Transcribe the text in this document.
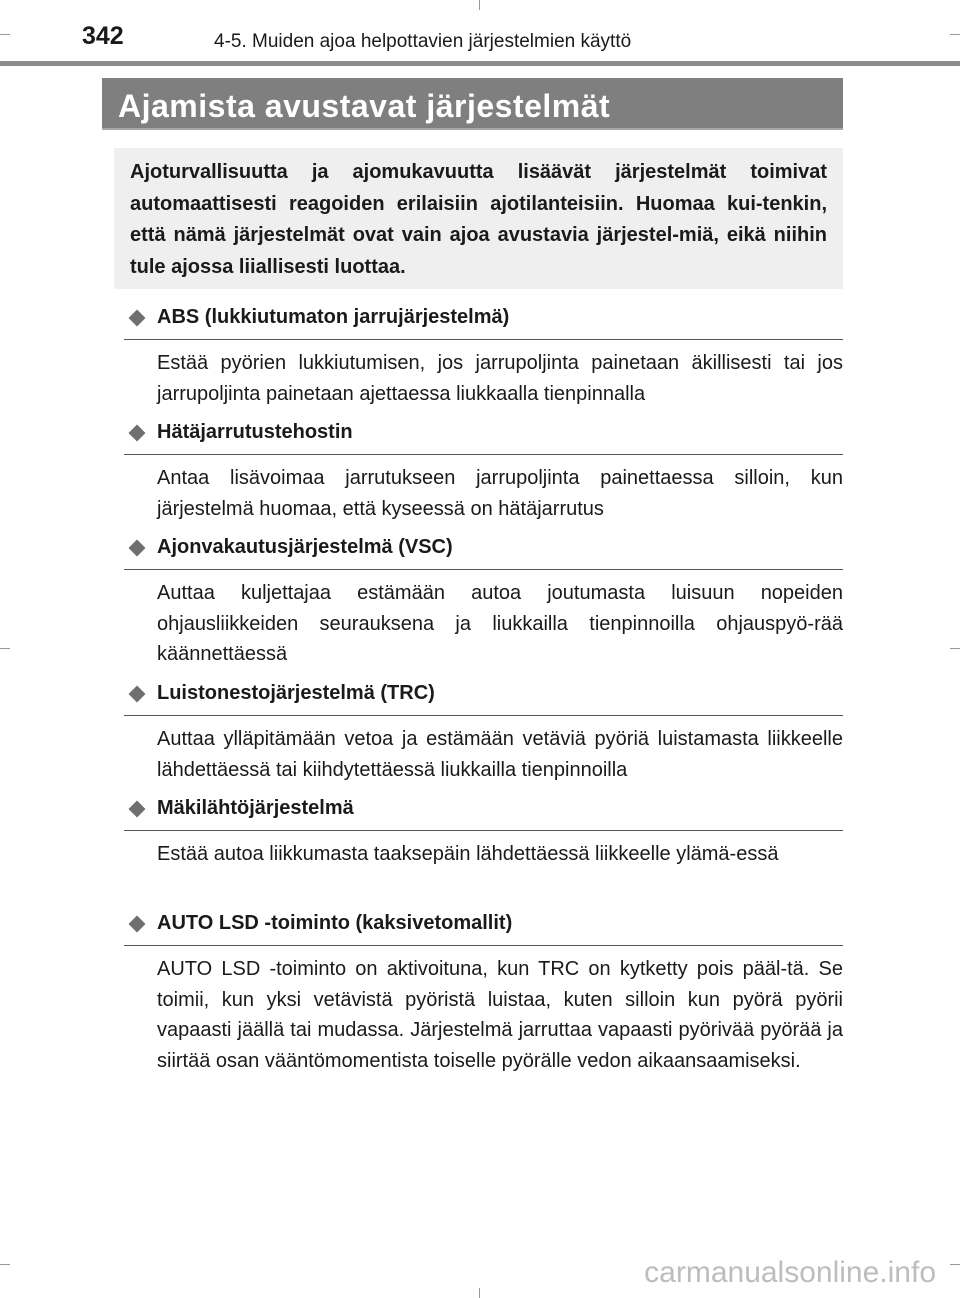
342	4-5. Muiden ajoa helpottavien järjestelmien käyttö
Ajamista avustavat järjestelmät

Ajoturvallisuutta ja ajomukavuutta lisäävät järjestelmät toimivat automaattisesti reagoiden erilaisiin ajotilanteisiin. Huomaa kui-tenkin, että nämä järjestelmät ovat vain ajoa avustavia järjestel-miä, eikä niihin tule ajossa liiallisesti luottaa.

ABS (lukkiutumaton jarrujärjestelmä)

Estää pyörien lukkiutumisen, jos jarrupoljinta painetaan äkillisesti tai jos jarrupoljinta painetaan ajettaessa liukkaalla tienpinnalla

Hätäjarrutustehostin

Antaa lisävoimaa jarrutukseen jarrupoljinta painettaessa silloin, kun järjestelmä huomaa, että kyseessä on hätäjarrutus

Ajonvakautusjärjestelmä (VSC)

Auttaa kuljettajaa estämään autoa joutumasta luisuun nopeiden ohjausliikkeiden seurauksena ja liukkailla tienpinnoilla ohjauspyö-rää käännettäessä

Luistonestojärjestelmä (TRC)

Auttaa ylläpitämään vetoa ja estämään vetäviä pyöriä luistamasta liikkeelle lähdettäessä tai kiihdytettäessä liukkailla tienpinnoilla

Mäkilähtöjärjestelmä

Estää autoa liikkumasta taaksepäin lähdettäessä liikkeelle ylämä-essä

AUTO LSD -toiminto (kaksivetomallit)

AUTO LSD -toiminto on aktivoituna, kun TRC on kytketty pois pääl-tä. Se toimii, kun yksi vetävistä pyöristä luistaa, kuten silloin kun pyörä pyörii vapaasti jäällä tai mudassa. Järjestelmä jarruttaa vapaasti pyörivää pyörää ja siirtää osan vääntömomentista toiselle pyörälle vedon aikaansaamiseksi.

carmanualsonline.info
